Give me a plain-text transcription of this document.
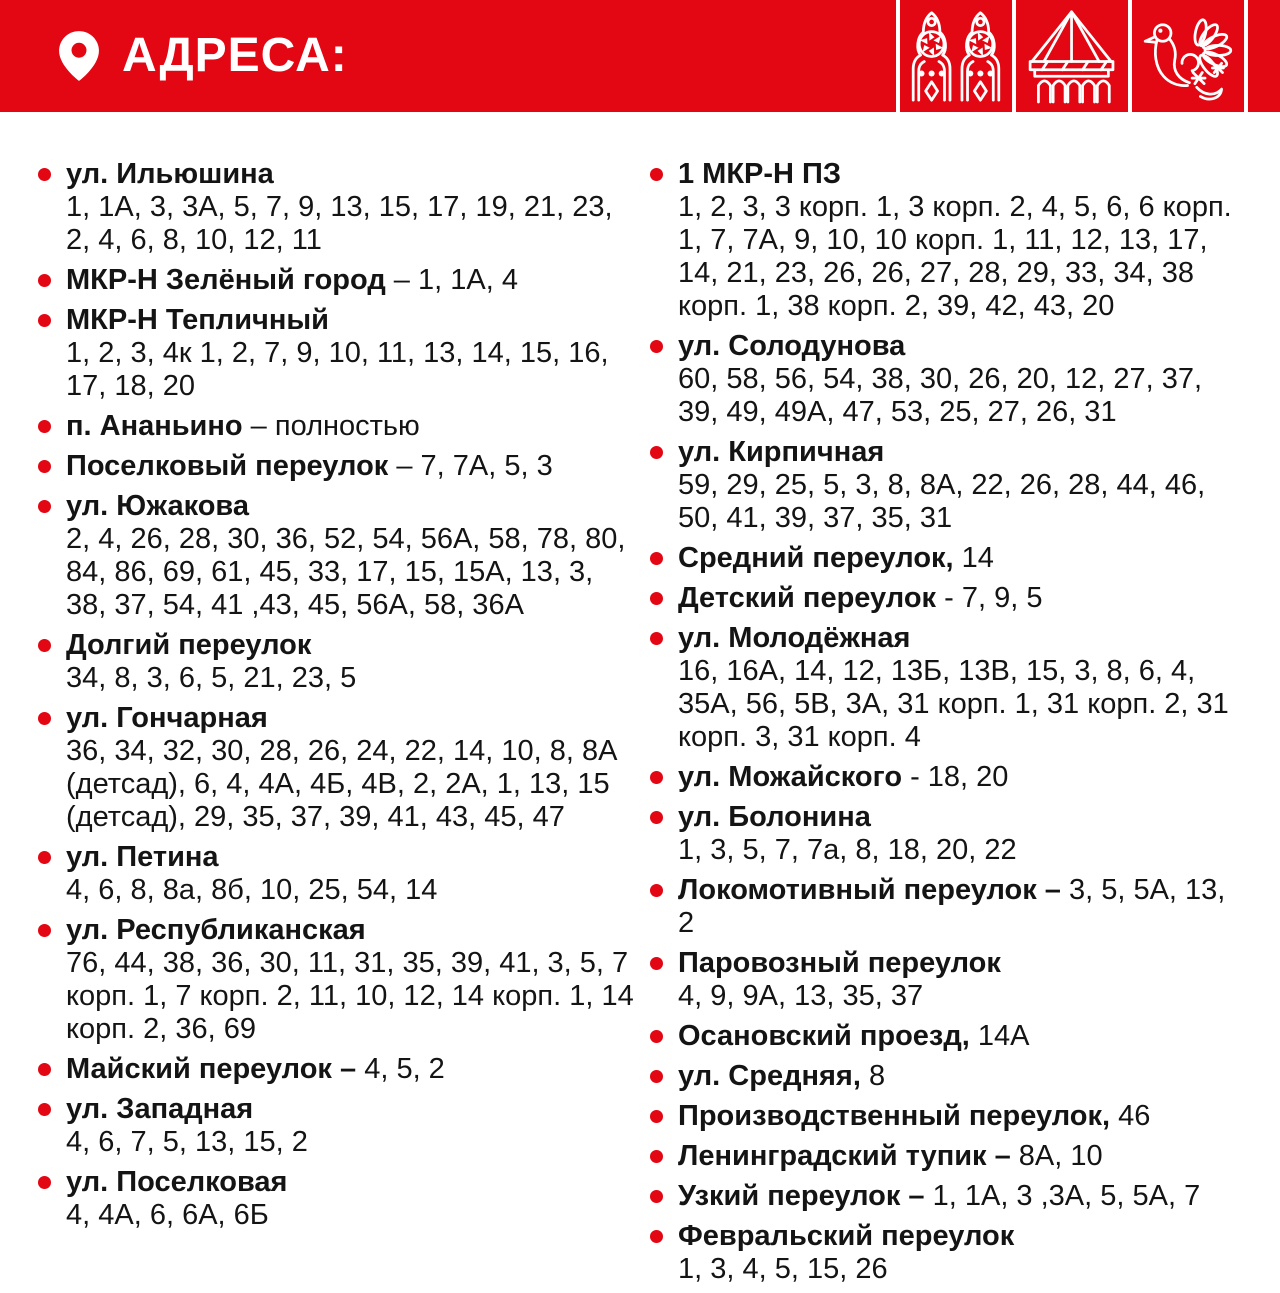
АДРЕСА:
ул. Ильюшина
1, 1А, 3, 3А, 5, 7, 9, 13, 15, 17, 19, 21, 23, 2, 4, 6, 8, 10, 12, 11
МКР-Н Зелёный город – 1, 1А, 4
МКР-Н Тепличный
1, 2, 3, 4к 1, 2, 7, 9, 10, 11, 13, 14, 15, 16, 17, 18, 20
п. Ананьино – полностью
Поселковый переулок – 7, 7А, 5, 3
ул. Южакова
2, 4, 26, 28, 30, 36, 52, 54, 56А, 58, 78, 80, 84, 86, 69, 61, 45, 33, 17, 15, 15А, 13, 3, 38, 37, 54, 41 ,43, 45, 56А, 58, 36А
Долгий переулок
34, 8, 3, 6, 5, 21, 23, 5
ул. Гончарная
36, 34, 32, 30, 28, 26, 24, 22, 14, 10, 8, 8А (детсад), 6, 4, 4А, 4Б, 4В, 2, 2А, 1, 13, 15 (детсад), 29, 35, 37, 39, 41, 43, 45, 47
ул. Петина
4, 6, 8, 8а, 8б, 10, 25, 54, 14
ул. Республиканская
76, 44, 38, 36, 30, 11, 31, 35, 39, 41, 3, 5, 7 корп. 1, 7 корп. 2, 11, 10, 12, 14 корп. 1, 14 корп. 2, 36, 69
Майский переулок – 4, 5, 2
ул. Западная
4, 6, 7, 5, 13, 15, 2
ул. Поселковая
4, 4А, 6, 6А, 6Б
1 МКР-Н ПЗ
1, 2, 3, 3 корп. 1, 3 корп. 2, 4, 5, 6, 6 корп. 1, 7, 7А, 9, 10, 10 корп. 1, 11, 12, 13, 17, 14, 21, 23, 26, 26, 27, 28, 29, 33, 34, 38 корп. 1, 38 корп. 2, 39, 42, 43, 20
ул. Солодунова
60, 58, 56, 54, 38, 30, 26, 20, 12, 27, 37, 39, 49, 49А, 47, 53, 25, 27, 26, 31
ул. Кирпичная
59, 29, 25, 5, 3, 8, 8А, 22, 26, 28, 44, 46, 50, 41, 39, 37, 35, 31
Средний переулок, 14
Детский переулок - 7, 9, 5
ул. Молодёжная
16, 16А, 14, 12, 13Б, 13В, 15, 3, 8, 6, 4, 35А, 56, 5В, 3А, 31 корп. 1, 31 корп. 2, 31 корп. 3, 31 корп. 4
ул. Можайского - 18, 20
ул. Болонина
1, 3, 5, 7, 7а, 8, 18, 20, 22
Локомотивный переулок – 3, 5, 5А, 13, 2
Паровозный переулок
4, 9, 9А, 13, 35, 37
Осановский проезд, 14А
ул. Средняя, 8
Производственный переулок, 46
Ленинградский тупик – 8А, 10
Узкий переулок – 1, 1А, 3 ,3А, 5, 5А, 7
Февральский переулок
1, 3, 4, 5, 15, 26
